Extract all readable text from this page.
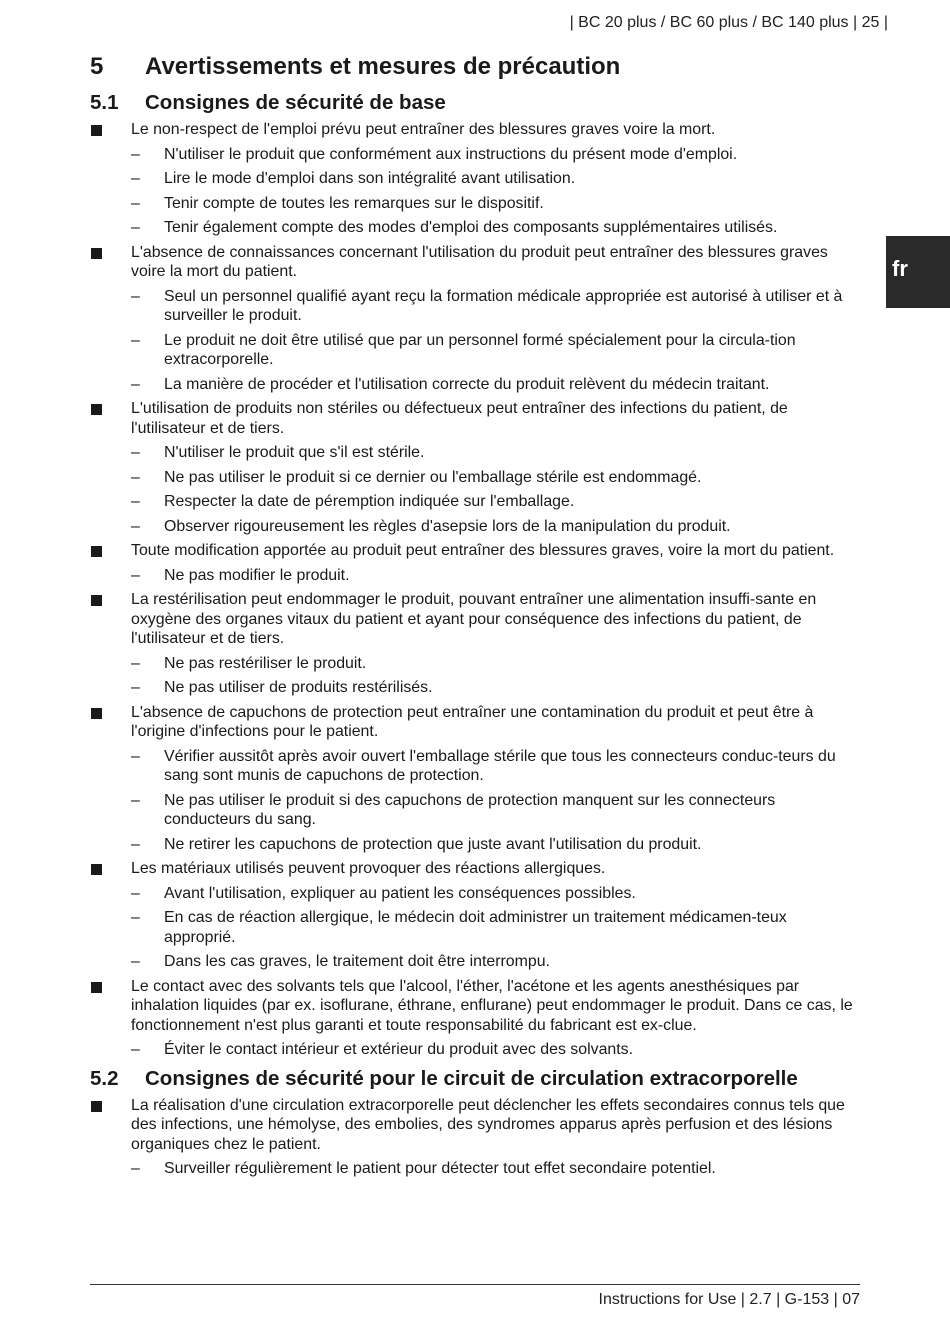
| BC 20 plus / BC 60 plus / BC 140 plus | 25 |
fr
5	Avertissements et mesures de précaution
5.1	Consignes de sécurité de base
Le non-respect de l'emploi prévu peut entraîner des blessures graves voire la mort.
– N'utiliser le produit que conformément aux instructions du présent mode d'emploi.
– Lire le mode d'emploi dans son intégralité avant utilisation.
– Tenir compte de toutes les remarques sur le dispositif.
– Tenir également compte des modes d'emploi des composants supplémentaires utilisés.
L'absence de connaissances concernant l'utilisation du produit peut entraîner des blessures graves voire la mort du patient.
– Seul un personnel qualifié ayant reçu la formation médicale appropriée est autorisé à utiliser et à surveiller le produit.
– Le produit ne doit être utilisé que par un personnel formé spécialement pour la circula-tion extracorporelle.
– La manière de procéder et l'utilisation correcte du produit relèvent du médecin traitant.
L'utilisation de produits non stériles ou défectueux peut entraîner des infections du patient, de l'utilisateur et de tiers.
– N'utiliser le produit que s'il est stérile.
– Ne pas utiliser le produit si ce dernier ou l'emballage stérile est endommagé.
– Respecter la date de péremption indiquée sur l'emballage.
– Observer rigoureusement les règles d'asepsie lors de la manipulation du produit.
Toute modification apportée au produit peut entraîner des blessures graves, voire la mort du patient.
– Ne pas modifier le produit.
La restérilisation peut endommager le produit, pouvant entraîner une alimentation insuffi-sante en oxygène des organes vitaux du patient et ayant pour conséquence des infections du patient, de l'utilisateur et de tiers.
– Ne pas restériliser le produit.
– Ne pas utiliser de produits restérilisés.
L'absence de capuchons de protection peut entraîner une contamination du produit et peut être à l'origine d'infections pour le patient.
– Vérifier aussitôt après avoir ouvert l'emballage stérile que tous les connecteurs conduc-teurs du sang sont munis de capuchons de protection.
– Ne pas utiliser le produit si des capuchons de protection manquent sur les connecteurs conducteurs du sang.
– Ne retirer les capuchons de protection que juste avant l'utilisation du produit.
Les matériaux utilisés peuvent provoquer des réactions allergiques.
– Avant l'utilisation, expliquer au patient les conséquences possibles.
– En cas de réaction allergique, le médecin doit administrer un traitement médicamen-teux approprié.
– Dans les cas graves, le traitement doit être interrompu.
Le contact avec des solvants tels que l'alcool, l'éther, l'acétone et les agents anesthésiques par inhalation liquides (par ex. isoflurane, éthrane, enflurane) peut endommager le produit. Dans ce cas, le fonctionnement n'est plus garanti et toute responsabilité du fabricant est ex-clue.
– Éviter le contact intérieur et extérieur du produit avec des solvants.
5.2	Consignes de sécurité pour le circuit de circulation extracorporelle
La réalisation d'une circulation extracorporelle peut déclencher les effets secondaires connus tels que des infections, une hémolyse, des embolies, des syndromes apparus après perfusion et des lésions organiques chez le patient.
– Surveiller régulièrement le patient pour détecter tout effet secondaire potentiel.
Instructions for Use | 2.7 | G-153 | 07
